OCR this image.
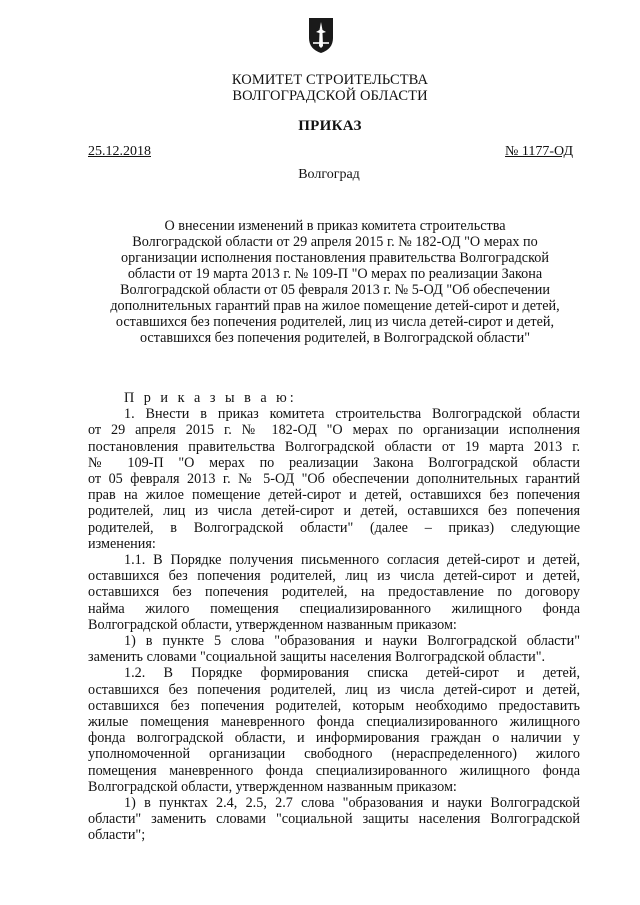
КОМИТЕТ СТРОИТЕЛЬСТВА
ВОЛГОГРАДСКОЙ ОБЛАСТИ
ПРИКАЗ
25.12.2018	№ 1177-ОД
Волгоград
О внесении изменений в приказ комитета строительства
Волгоградской области от 29 апреля 2015 г. № 182-ОД "О мерах по
организации исполнения постановления правительства Волгоградской
области от 19 марта 2013 г. № 109-П "О мерах по реализации Закона
Волгоградской области от 05 февраля 2013 г. № 5-ОД "Об обеспечении
дополнительных гарантий прав на жилое помещение детей-сирот и детей,
оставшихся без попечения родителей, лиц из числа детей-сирот и детей,
оставшихся без попечения родителей, в Волгоградской области"
П р и к а з ы в а ю:
1. Внести в приказ комитета строительства Волгоградской области
от 29 апреля 2015 г. № 182-ОД "О мерах по организации исполнения
постановления правительства Волгоградской области от 19 марта 2013 г.
№ 109-П "О мерах по реализации Закона Волгоградской области
от 05 февраля 2013 г. № 5-ОД "Об обеспечении дополнительных гарантий
прав на жилое помещение детей-сирот и детей, оставшихся без попечения
родителей, лиц из числа детей-сирот и детей, оставшихся без попечения
родителей, в Волгоградской области" (далее – приказ) следующие
изменения:
1.1. В Порядке получения письменного согласия детей-сирот и детей,
оставшихся без попечения родителей, лиц из числа детей-сирот и детей,
оставшихся без попечения родителей, на предоставление по договору
найма жилого помещения специализированного жилищного фонда
Волгоградской области, утвержденном названным приказом:
1) в пункте 5 слова "образования и науки Волгоградской области"
заменить словами "социальной защиты населения Волгоградской области".
1.2. В Порядке формирования списка детей-сирот и детей,
оставшихся без попечения родителей, лиц из числа детей-сирот и детей,
оставшихся без попечения родителей, которым необходимо предоставить
жилые помещения маневренного фонда специализированного жилищного
фонда волгоградской области, и информирования граждан о наличии у
уполномоченной организации свободного (нераспределенного) жилого
помещения маневренного фонда специализированного жилищного фонда
Волгоградской области, утвержденном названным приказом:
1) в пунктах 2.4, 2.5, 2.7 слова "образования и науки Волгоградской
области" заменить словами "социальной защиты населения Волгоградской
области";
